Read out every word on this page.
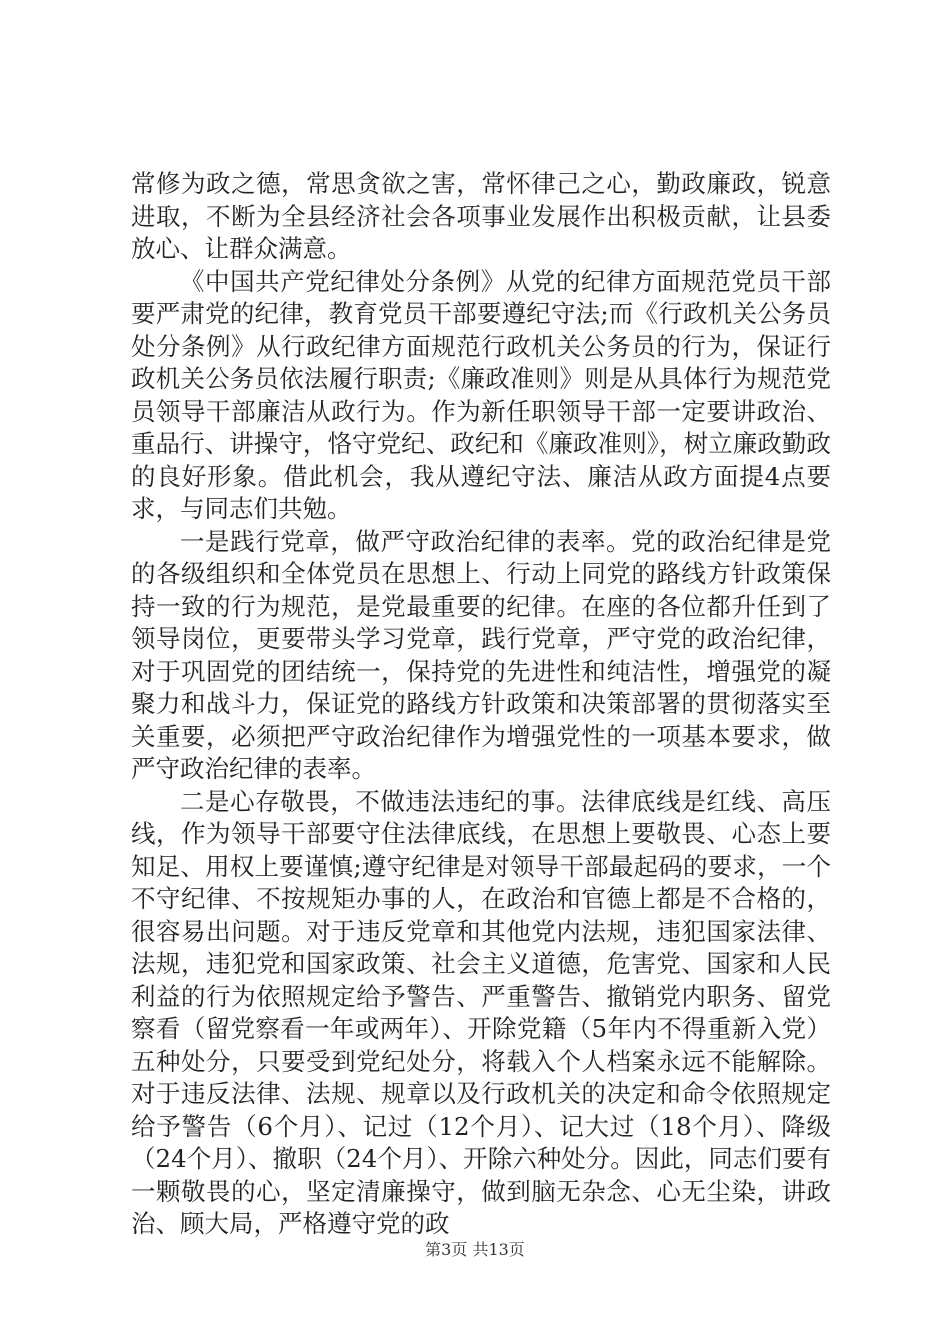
常修为政之德，常思贪欲之害，常怀律己之心，勤政廉政，锐意进取，不断为全县经济社会各项事业发展作出积极贡献，让县委放心、让群众满意。

《中国共产党纪律处分条例》从党的纪律方面规范党员干部要严肃党的纪律，教育党员干部要遵纪守法;而《行政机关公务员处分条例》从行政纪律方面规范行政机关公务员的行为，保证行政机关公务员依法履行职责;《廉政准则》则是从具体行为规范党员领导干部廉洁从政行为。作为新任职领导干部一定要讲政治、重品行、讲操守，恪守党纪、政纪和《廉政准则》，树立廉政勤政的良好形象。借此机会，我从遵纪守法、廉洁从政方面提4点要求，与同志们共勉。

一是践行党章，做严守政治纪律的表率。党的政治纪律是党的各级组织和全体党员在思想上、行动上同党的路线方针政策保持一致的行为规范，是党最重要的纪律。在座的各位都升任到了领导岗位，更要带头学习党章，践行党章，严守党的政治纪律，对于巩固党的团结统一，保持党的先进性和纯洁性，增强党的凝聚力和战斗力，保证党的路线方针政策和决策部署的贯彻落实至关重要，必须把严守政治纪律作为增强党性的一项基本要求，做严守政治纪律的表率。

二是心存敬畏，不做违法违纪的事。法律底线是红线、高压线，作为领导干部要守住法律底线，在思想上要敬畏、心态上要知足、用权上要谨慎;遵守纪律是对领导干部最起码的要求，一个不守纪律、不按规矩办事的人，在政治和官德上都是不合格的，很容易出问题。对于违反党章和其他党内法规，违犯国家法律、法规，违犯党和国家政策、社会主义道德，危害党、国家和人民利益的行为依照规定给予警告、严重警告、撤销党内职务、留党察看（留党察看一年或两年）、开除党籍（5年内不得重新入党）五种处分，只要受到党纪处分，将载入个人档案永远不能解除。对于违反法律、法规、规章以及行政机关的决定和命令依照规定给予警告（6个月）、记过（12个月）、记大过（18个月）、降级（24个月）、撤职（24个月）、开除六种处分。因此，同志们要有一颗敬畏的心，坚定清廉操守，做到脑无杂念、心无尘染，讲政治、顾大局，严格遵守党的政

第3页 共13页
